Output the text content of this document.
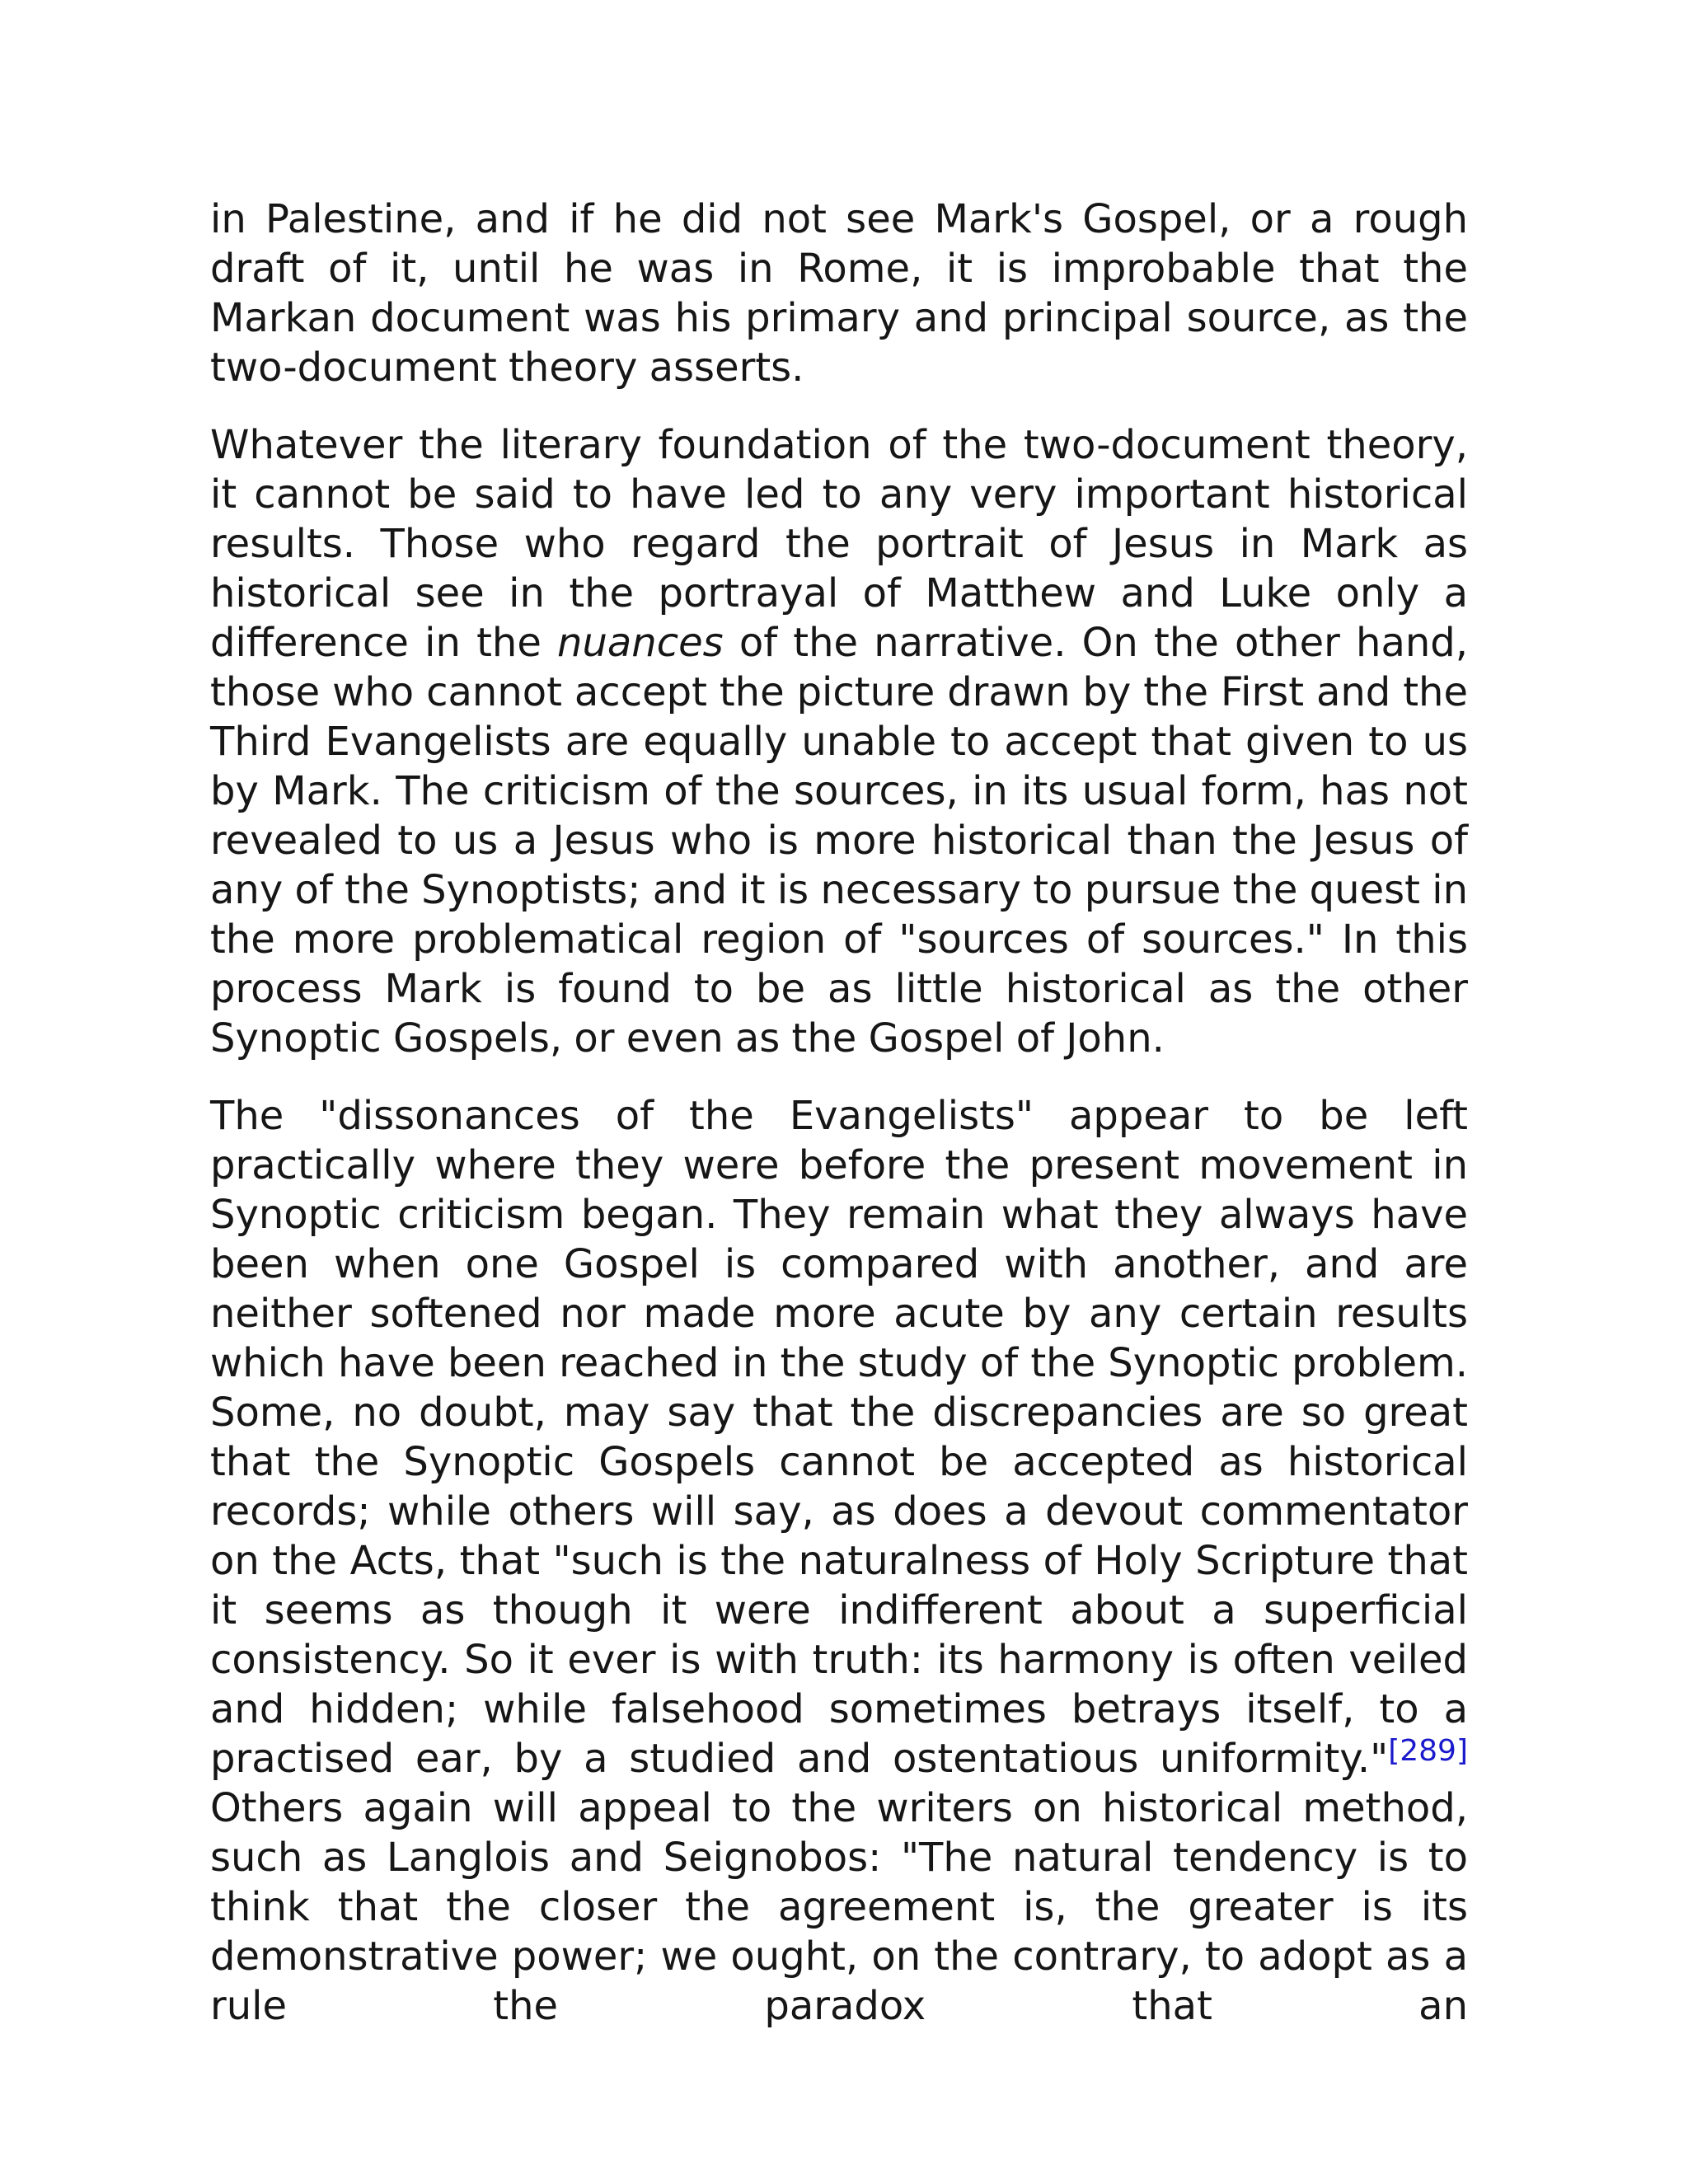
in Palestine, and if he did not see Mark's Gospel, or a rough draft of it, until he was in Rome, it is improbable that the Markan document was his primary and principal source, as the two-document theory asserts.

Whatever the literary foundation of the two-document theory, it cannot be said to have led to any very important historical results. Those who regard the portrait of Jesus in Mark as historical see in the portrayal of Matthew and Luke only a difference in the nuances of the narrative. On the other hand, those who cannot accept the picture drawn by the First and the Third Evangelists are equally unable to accept that given to us by Mark. The criticism of the sources, in its usual form, has not revealed to us a Jesus who is more historical than the Jesus of any of the Synoptists; and it is necessary to pursue the quest in the more problematical region of "sources of sources." In this process Mark is found to be as little historical as the other Synoptic Gospels, or even as the Gospel of John.

The "dissonances of the Evangelists" appear to be left practically where they were before the present movement in Synoptic criticism began. They remain what they always have been when one Gospel is compared with another, and are neither softened nor made more acute by any certain results which have been reached in the study of the Synoptic problem. Some, no doubt, may say that the discrepancies are so great that the Synoptic Gospels cannot be accepted as historical records; while others will say, as does a devout commentator on the Acts, that "such is the naturalness of Holy Scripture that it seems as though it were indifferent about a superficial consistency. So it ever is with truth: its harmony is often veiled and hidden; while falsehood sometimes betrays itself, to a practised ear, by a studied and ostentatious uniformity."[289] Others again will appeal to the writers on historical method, such as Langlois and Seignobos: "The natural tendency is to think that the closer the agreement is, the greater is its demonstrative power; we ought, on the contrary, to adopt as a rule the paradox that an
